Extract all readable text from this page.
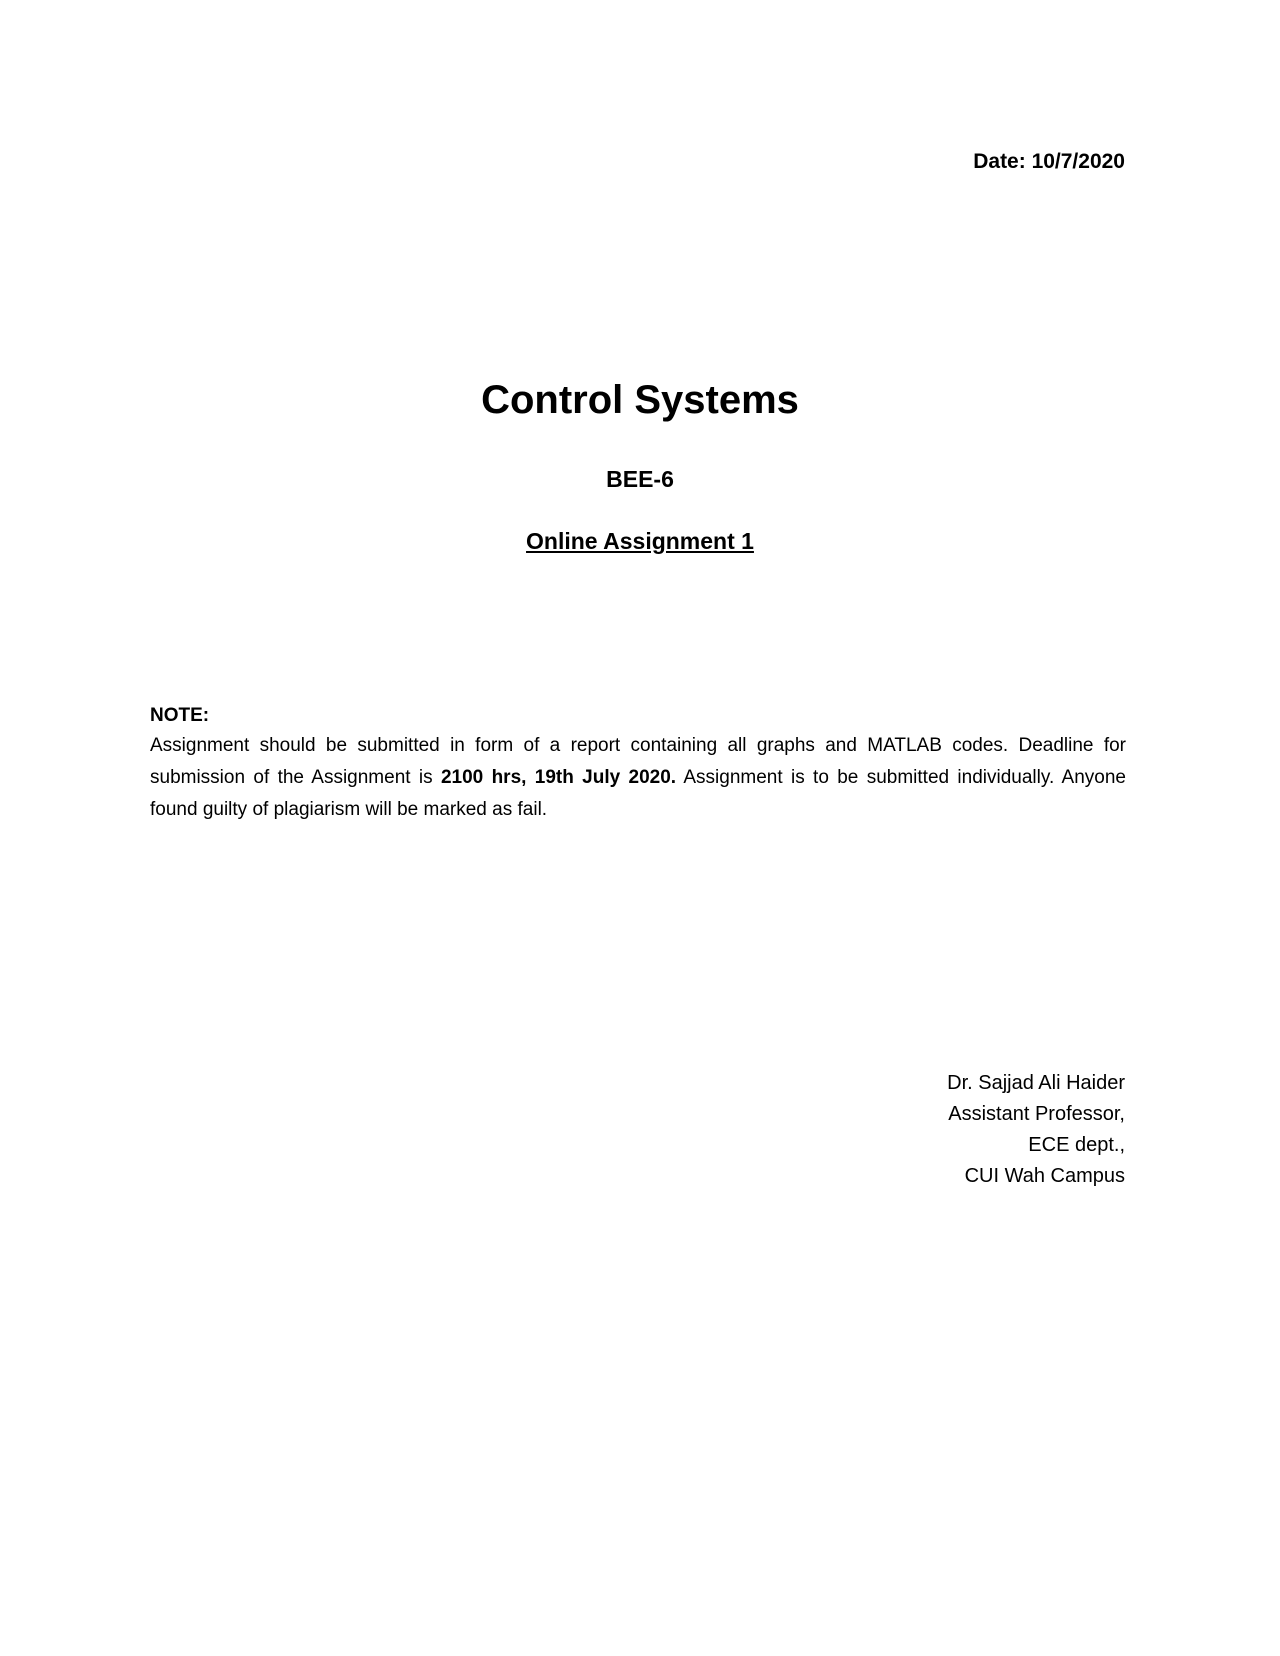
Date: 10/7/2020
Control Systems
BEE-6
Online Assignment 1
NOTE:
Assignment should be submitted in form of a report containing all graphs and MATLAB codes. Deadline for submission of the Assignment is 2100 hrs, 19th July 2020. Assignment is to be submitted individually. Anyone found guilty of plagiarism will be marked as fail.
Dr. Sajjad Ali Haider
Assistant Professor,
ECE dept.,
CUI Wah Campus
